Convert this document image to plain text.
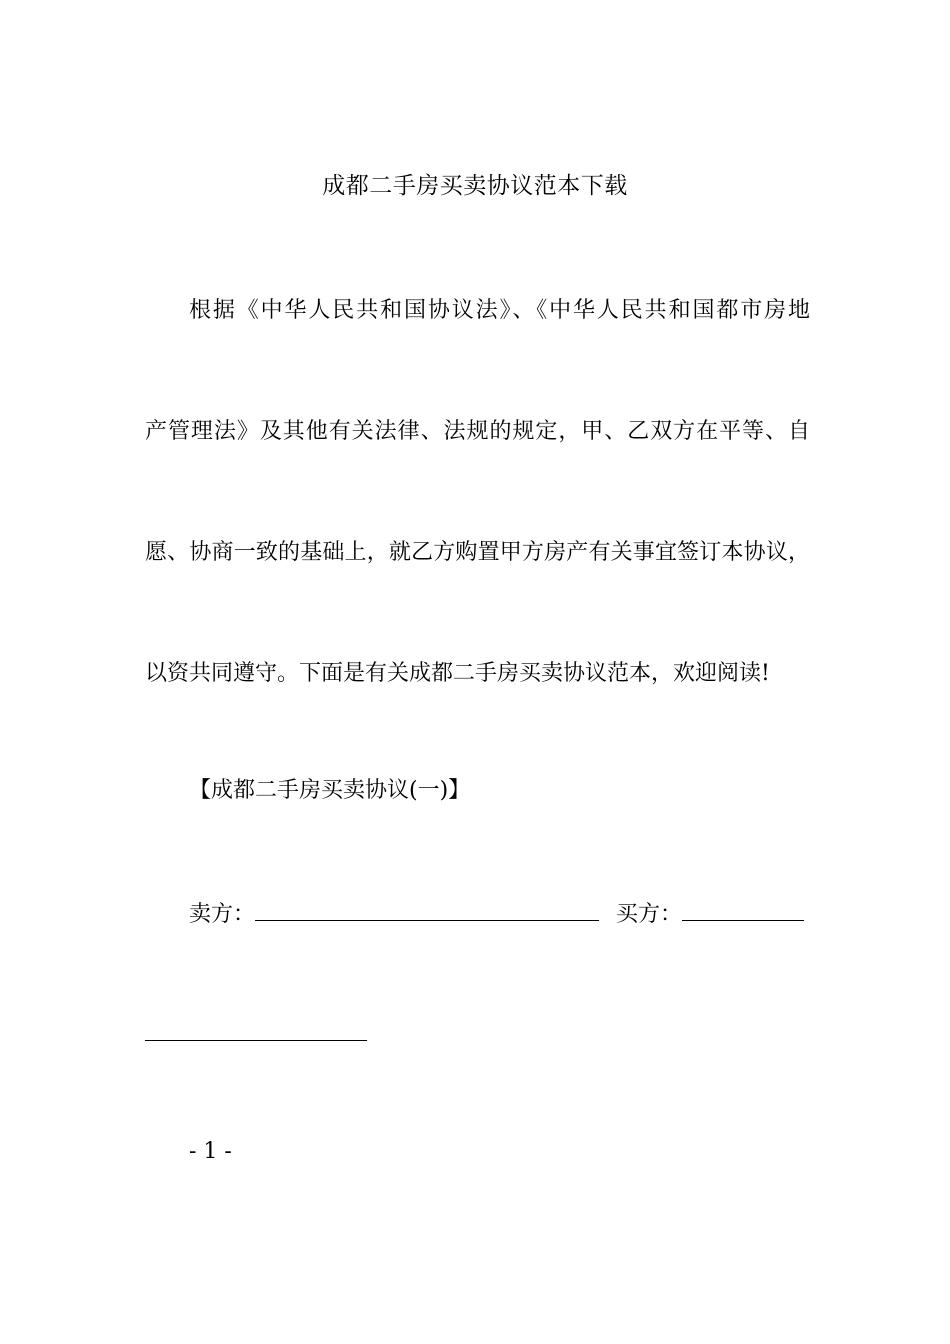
成都二手房买卖协议范本下载
根据《中华人民共和国协议法》、《中华人民共和国都市房地
产管理法》及其他有关法律、法规的规定，甲、乙双方在平等、自
愿、协商一致的基础上，就乙方购置甲方房产有关事宜签订本协议，
以资共同遵守。下面是有关成都二手房买卖协议范本，欢迎阅读!
【成都二手房买卖协议(一)】
卖方：	买方：
- 1 -
